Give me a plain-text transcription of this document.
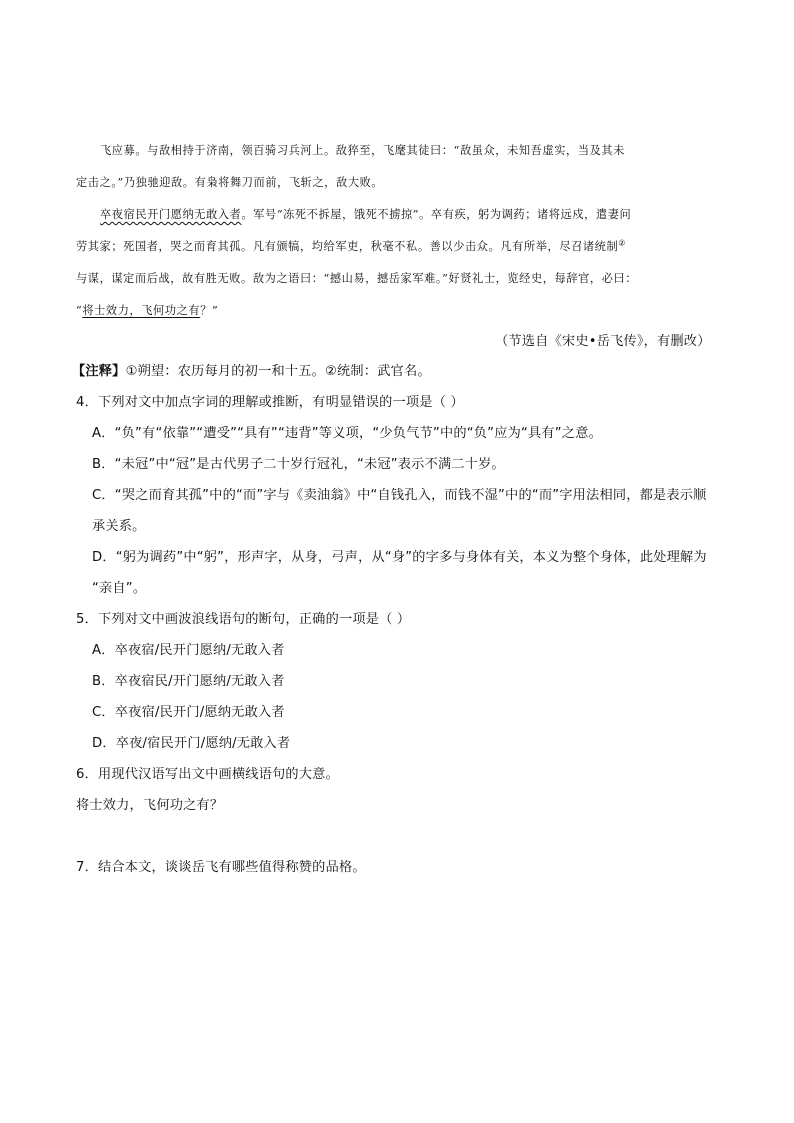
飞应募。与敌相持于济南，领百骑习兵河上。敌猝至，飞麾其徒曰：“敌虽众，未知吾虚实，当及其未
定击之。”乃独驰迎敌。有枭将舞刀而前，飞斩之，敌大败。
卒夜宿民开门愿纳无敢入者。军号“冻死不拆屋，饿死不掳掠”。卒有疾，躬为调药；诸将远戍，遣妻问
劳其家；死国者，哭之而育其孤。凡有颁犒，均给军吏，秋毫不私。善以少击众。凡有所举，尽召诸统制②
与谋，谋定而后战，故有胜无败。敌为之语曰：“撼山易，撼岳家军难。”好贤礼士，览经史，每辞官，必曰：
“将士效力，飞何功之有？”
（节选自《宋史•岳飞传》，有删改）
【注释】①朔望：农历每月的初一和十五。②统制：武官名。
4．下列对文中加点字词的理解或推断，有明显错误的一项是（ ）
A．“负”有“依靠”“遭受”“具有”“违背”等义项，“少负气节”中的“负”应为“具有”之意。
B．“未冠”中“冠”是古代男子二十岁行冠礼，“未冠”表示不满二十岁。
C．“哭之而育其孤”中的“而”字与《卖油翁》中“自钱孔入，而钱不湿”中的“而”字用法相同，都是表示顺
承关系。
D．“躬为调药”中“躬”，形声字，从身，弓声，从“身”的字多与身体有关，本义为整个身体，此处理解为
“亲自”。
5．下列对文中画波浪线语句的断句，正确的一项是（ ）
A．卒夜宿/民开门愿纳/无敢入者
B．卒夜宿民/开门愿纳/无敢入者
C．卒夜宿/民开门/愿纳无敢入者
D．卒夜/宿民开门/愿纳/无敢入者
6．用现代汉语写出文中画横线语句的大意。
将士效力，飞何功之有？
7．结合本文，谈谈岳飞有哪些值得称赞的品格。
